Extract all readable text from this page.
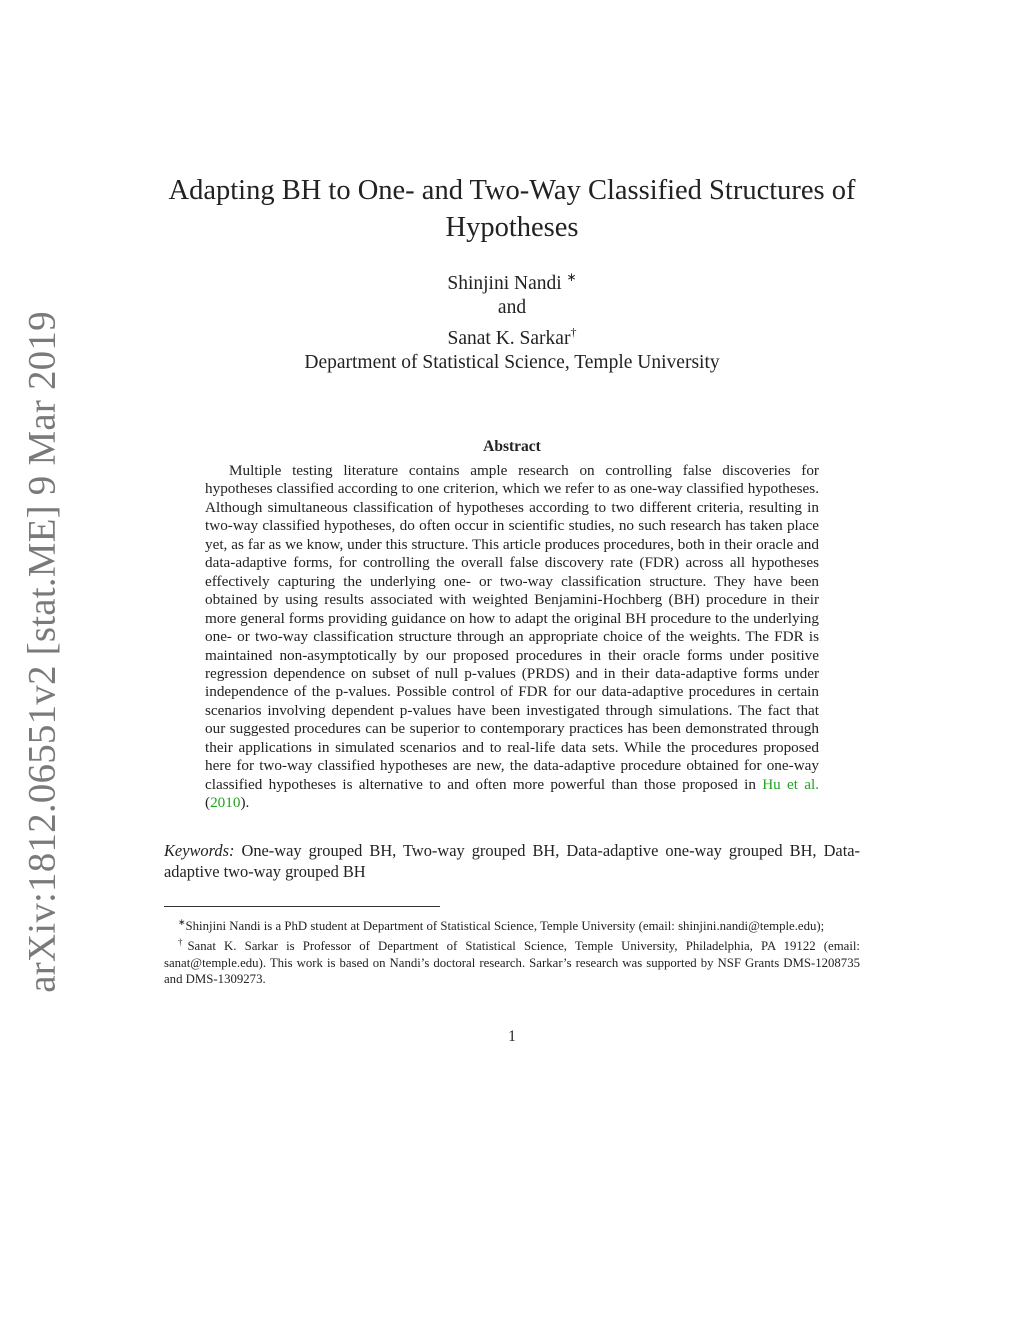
arXiv:1812.06551v2 [stat.ME] 9 Mar 2019
Adapting BH to One- and Two-Way Classified Structures of Hypotheses
Shinjini Nandi ∗
and
Sanat K. Sarkar†
Department of Statistical Science, Temple University
Abstract
Multiple testing literature contains ample research on controlling false discoveries for hypotheses classified according to one criterion, which we refer to as one-way classified hypotheses. Although simultaneous classification of hypotheses according to two different criteria, resulting in two-way classified hypotheses, do often occur in scientific studies, no such research has taken place yet, as far as we know, under this structure. This article produces procedures, both in their oracle and data-adaptive forms, for controlling the overall false discovery rate (FDR) across all hypotheses effectively capturing the underlying one- or two-way classification structure. They have been obtained by using results associated with weighted Benjamini-Hochberg (BH) procedure in their more general forms providing guidance on how to adapt the original BH procedure to the underlying one- or two-way classification structure through an appropriate choice of the weights. The FDR is maintained non-asymptotically by our proposed procedures in their oracle forms under positive regression dependence on subset of null p-values (PRDS) and in their data-adaptive forms under independence of the p-values. Possible control of FDR for our data-adaptive procedures in certain scenarios involving dependent p-values have been investigated through simulations. The fact that our suggested procedures can be superior to contemporary practices has been demonstrated through their applications in simulated scenarios and to real-life data sets. While the procedures proposed here for two-way classified hypotheses are new, the data-adaptive procedure obtained for one-way classified hypotheses is alternative to and often more powerful than those proposed in Hu et al. (2010).
Keywords: One-way grouped BH, Two-way grouped BH, Data-adaptive one-way grouped BH, Data-adaptive two-way grouped BH

∗Shinjini Nandi is a PhD student at Department of Statistical Science, Temple University (email: shinjini.nandi@temple.edu);

†Sanat K. Sarkar is Professor of Department of Statistical Science, Temple University, Philadelphia, PA 19122 (email: sanat@temple.edu). This work is based on Nandi’s doctoral research. Sarkar’s research was supported by NSF Grants DMS-1208735 and DMS-1309273.

1
